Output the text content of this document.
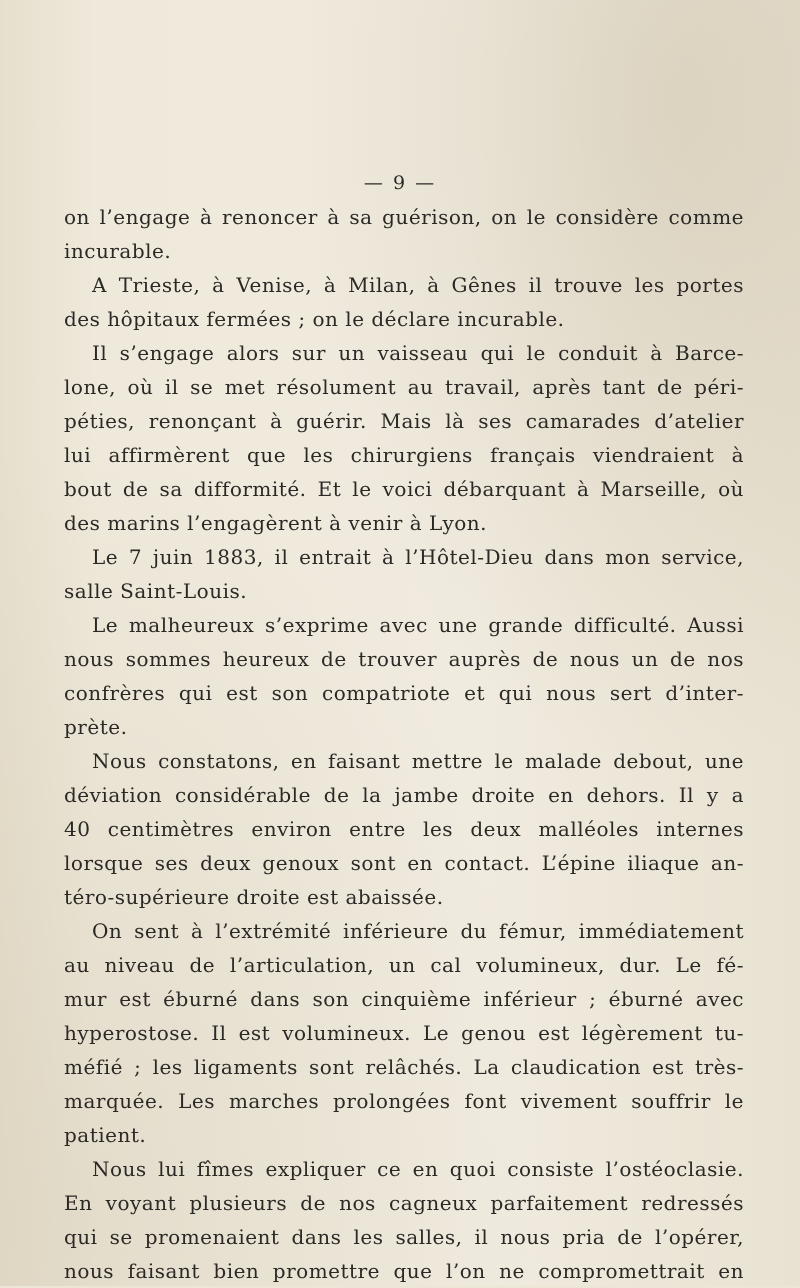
— 9 —
on l’engage à renoncer à sa guérison, on le considère comme
incurable.
A Trieste, à Venise, à Milan, à Gênes il trouve les portes
des hôpitaux fermées ; on le déclare incurable.
Il s’engage alors sur un vaisseau qui le conduit à Barce-
lone, où il se met résolument au travail, après tant de péri-
péties, renonçant à guérir. Mais là ses camarades d’atelier
lui affirmèrent que les chirurgiens français viendraient à
bout de sa difformité. Et le voici débarquant à Marseille, où
des marins l’engagèrent à venir à Lyon.
Le 7 juin 1883, il entrait à l’Hôtel-Dieu dans mon service,
salle Saint-Louis.
Le malheureux s’exprime avec une grande difficulté. Aussi
nous sommes heureux de trouver auprès de nous un de nos
confrères qui est son compatriote et qui nous sert d’inter-
prète.
Nous constatons, en faisant mettre le malade debout, une
déviation considérable de la jambe droite en dehors. Il y a
40 centimètres environ entre les deux malléoles internes
lorsque ses deux genoux sont en contact. L’épine iliaque an-
téro-supérieure droite est abaissée.
On sent à l’extrémité inférieure du fémur, immédiatement
au niveau de l’articulation, un cal volumineux, dur. Le fé-
mur est éburné dans son cinquième inférieur ; éburné avec
hyperostose. Il est volumineux. Le genou est légèrement tu-
méfié ; les ligaments sont relâchés. La claudication est très-
marquée. Les marches prolongées font vivement souffrir le
patient.
Nous lui fîmes expliquer ce en quoi consiste l’ostéoclasie.
En voyant plusieurs de nos cagneux parfaitement redressés
qui se promenaient dans les salles, il nous pria de l’opérer,
nous faisant bien promettre que l’on ne compromettrait en
